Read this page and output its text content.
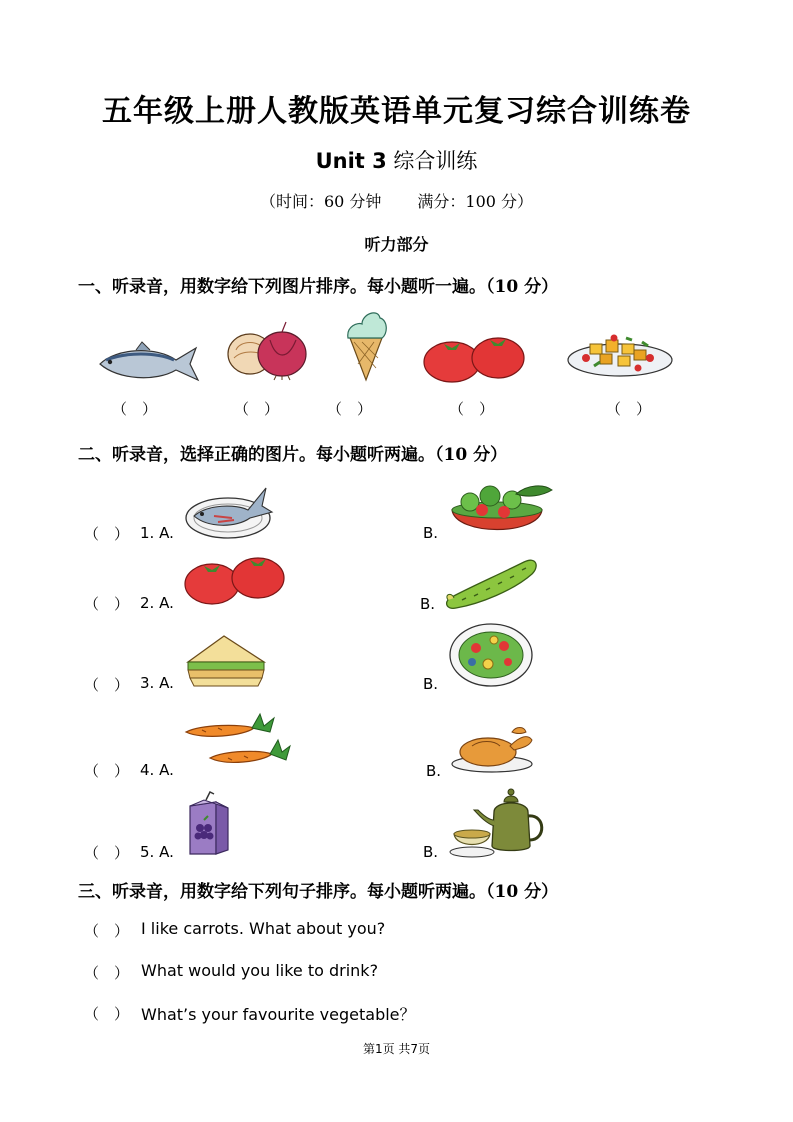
五年级上册人教版英语单元复习综合训练卷
Unit 3 综合训练
（时间：60 分钟 满分：100 分）
听力部分
一、听录音，用数字给下列图片排序。每小题听一遍。（10 分）
（　）	（　）	（　）	（　）	（　）
二、听录音，选择正确的图片。每小题听两遍。（10 分）
（　） 1. A.	B.
（　） 2. A.	B.
（　） 3. A.	B.
（　） 4. A.	B.
（　） 5. A.	B.
三、听录音，用数字给下列句子排序。每小题听两遍。（10 分）
（　） I like carrots. What about you?
（　） What would you like to drink?
（　） What’s your favourite vegetable？
第1页 共7页
